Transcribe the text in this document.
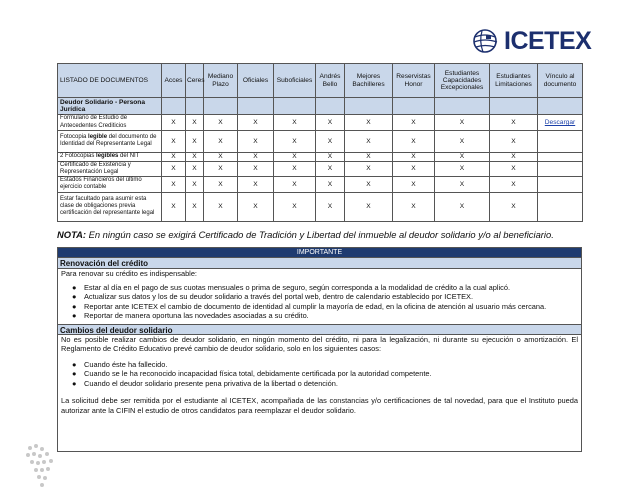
ICETEX
LISTADO DE DOCUMENTOS	Acces	Ceres	Mediano Plazo	Oficiales	Suboficiales	Andrés Bello	Mejores Bachilleres	Reservistas Honor	Estudiantes Capacidades Excepcionales	Estudiantes Limitaciones	Vínculo al documento
Deudor Solidario - Persona Jurídica											
Formulario de Estudio de Antecedentes Crediticios	X	X	X	X	X	X	X	X	X	X	Descargar
Fotocopia legible del documento de Identidad del Representante Legal	X	X	X	X	X	X	X	X	X	X	
2 Fotocopias legibles del NIT	X	X	X	X	X	X	X	X	X	X	
Certificado de Existencia y Representación Legal	X	X	X	X	X	X	X	X	X	X	
Estados Financieros del último ejercicio contable	X	X	X	X	X	X	X	X	X	X	
Estar facultado para asumir esta clase de obligaciones previa certificación del representante legal	X	X	X	X	X	X	X	X	X	X	
NOTA: En ningún caso se exigirá Certificado de Tradición y Libertad del inmueble al deudor solidario y/o al beneficiario.
IMPORTANTE
Renovación del crédito

Para renovar su crédito es indispensable:

● Estar al día en el pago de sus cuotas mensuales o prima de seguro, según corresponda a la modalidad de crédito a la cual aplicó.
● Actualizar sus datos y los de su deudor solidario a través del portal web, dentro de calendario establecido por ICETEX.
● Reportar ante ICETEX el cambio de documento de identidad al cumplir la mayoría de edad, en la oficina de atención al usuario más cercana.
● Reportar de manera oportuna las novedades asociadas a su crédito.
Cambios del deudor solidario

No es posible realizar cambios de deudor solidario, en ningún momento del crédito, ni para la legalización, ni durante su ejecución o amortización. El Reglamento de Crédito Educativo prevé cambio de deudor solidario, solo en los siguientes casos:

● Cuando éste ha fallecido.
● Cuando se le ha reconocido incapacidad física total, debidamente certificada por la autoridad competente.
● Cuando el deudor solidario presente pena privativa de la libertad o detención.

La solicitud debe ser remitida por el estudiante al ICETEX, acompañada de las constancias y/o certificaciones de tal novedad, para que el Instituto pueda autorizar ante la CIFIN el estudio de otros candidatos para reemplazar el deudor solidario.
